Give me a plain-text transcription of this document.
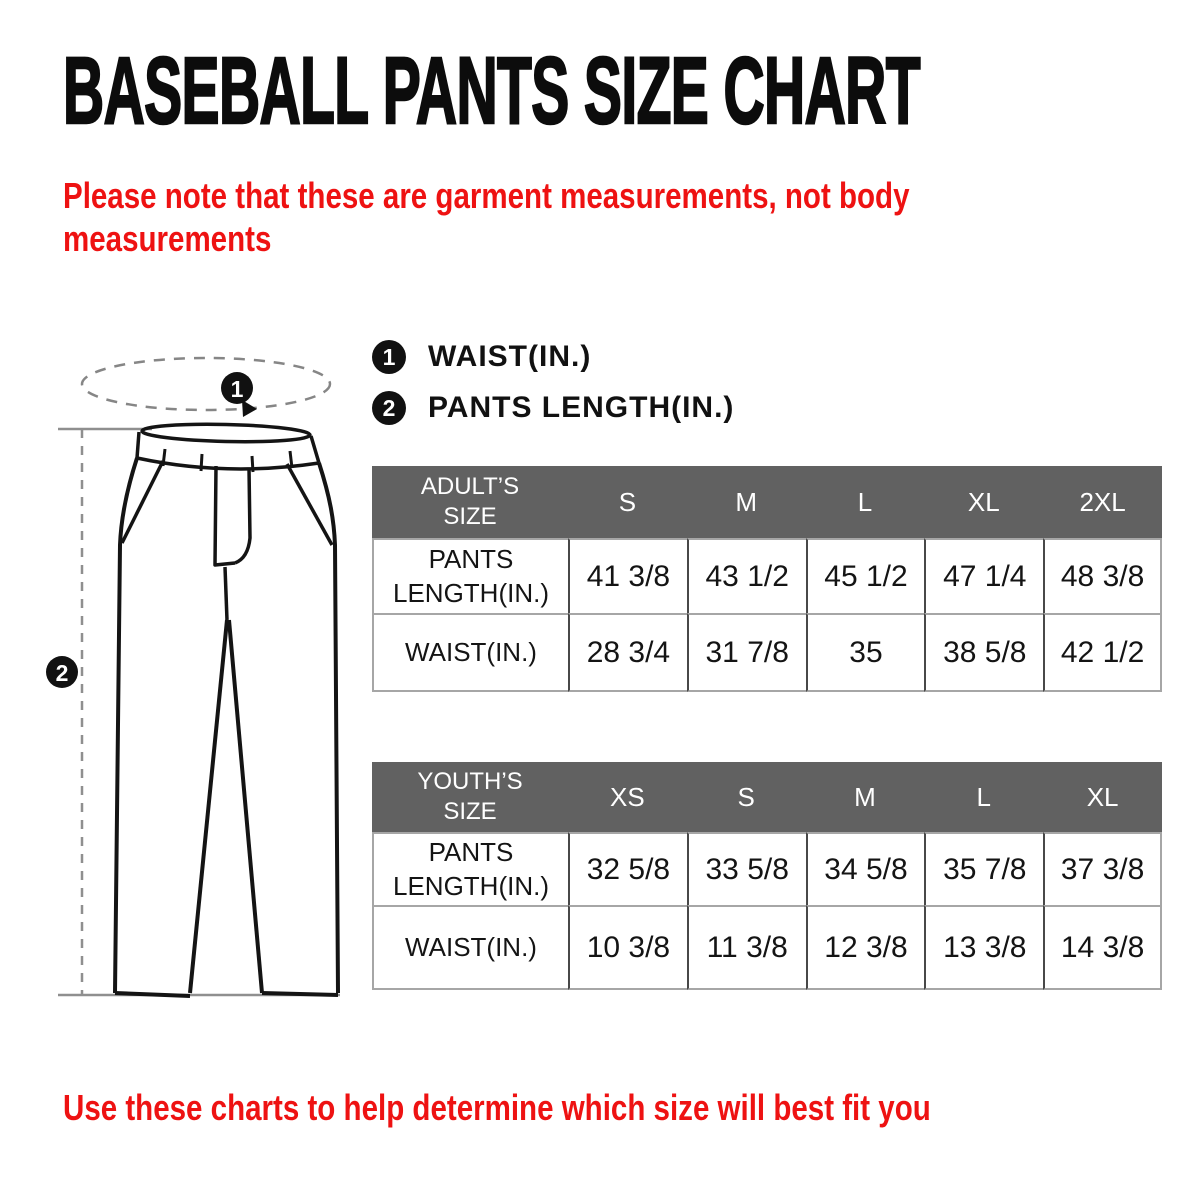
BASEBALL PANTS SIZE CHART
Please note that these are garment measurements, not body
measurements
1
2
1 WAIST(IN.)
2 PANTS LENGTH(IN.)
ADULT’S SIZE	S	M	L	XL	2XL
PANTS LENGTH(IN.)	41 3/8	43 1/2	45 1/2	47 1/4	48 3/8
WAIST(IN.)	28 3/4	31 7/8	35	38 5/8	42 1/2
YOUTH’S SIZE	XS	S	M	L	XL
PANTS LENGTH(IN.)	32 5/8	33 5/8	34 5/8	35 7/8	37 3/8
WAIST(IN.)	10 3/8	11 3/8	12 3/8	13 3/8	14 3/8
Use these charts to help determine which size will best fit you
